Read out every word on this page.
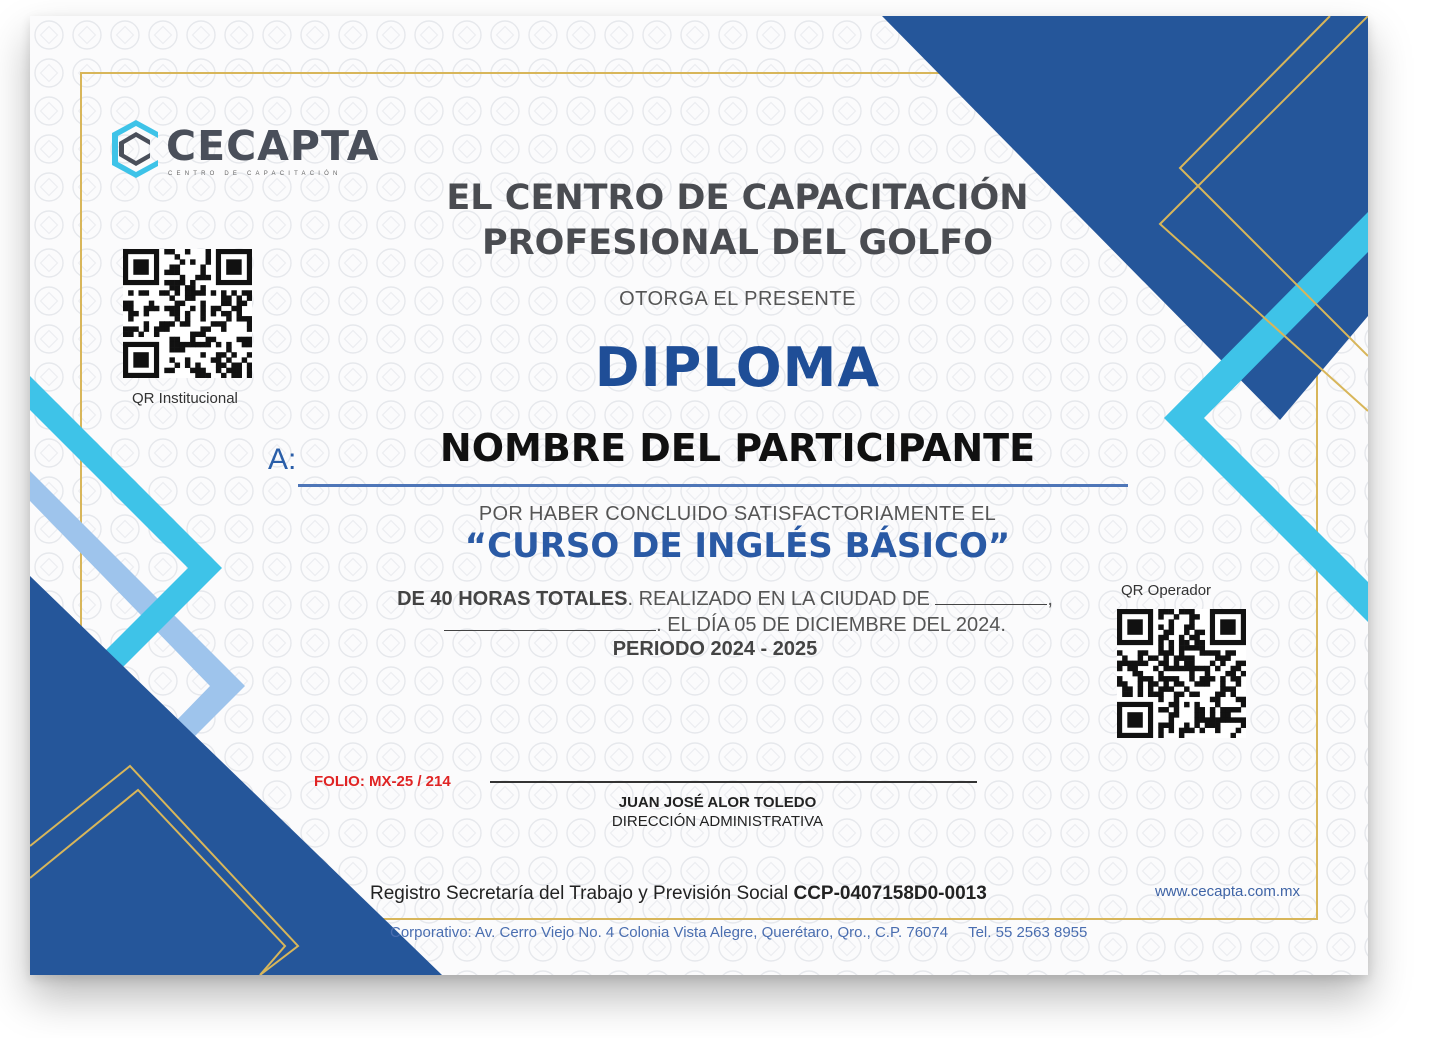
CECAPTA
CENTRO DE CAPACITACIÓN
QR Institucional
EL CENTRO DE CAPACITACIÓN
PROFESIONAL DEL GOLFO
OTORGA EL PRESENTE
DIPLOMA
A:	NOMBRE DEL PARTICIPANTE
POR HABER CONCLUIDO SATISFACTORIAMENTE EL
“CURSO DE INGLÉS BÁSICO”
DE 40 HORAS TOTALES. REALIZADO EN LA CIUDAD DE	,
. EL DÍA 05 DE DICIEMBRE DEL 2024.
PERIODO 2024 - 2025
QR Operador
FOLIO: MX-25 / 214
JUAN JOSÉ ALOR TOLEDO
DIRECCIÓN ADMINISTRATIVA
Registro Secretaría del Trabajo y Previsión Social CCP-0407158D0-0013	www.cecapta.com.mx
Corporativo: Av. Cerro Viejo No. 4 Colonia Vista Alegre, Querétaro, Qro., C.P. 76074 Tel. 55 2563 8955
